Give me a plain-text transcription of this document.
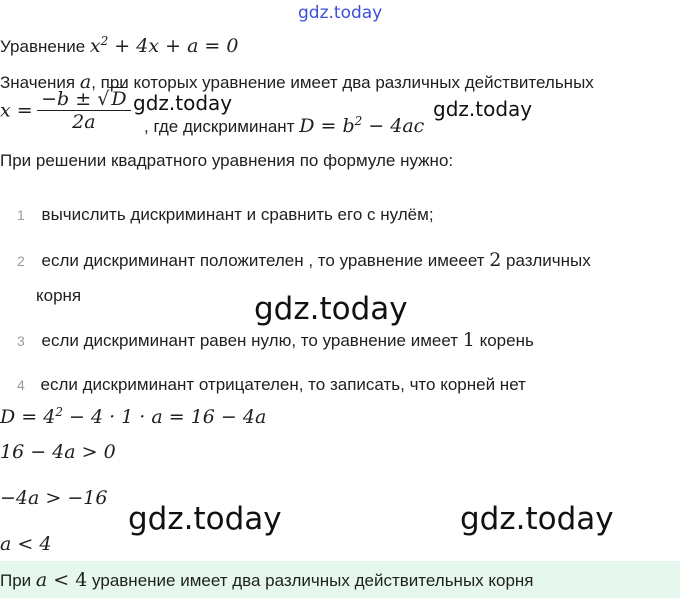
gdz.today
Уравнение $x^2 + 4x + a = 0$
Значения a, при которых уравнение имеет два различных действительных
$x = \frac{-b \pm √ D}{2a}$ gdz.today
, где дискриминант $D = b^2 - 4ac$
gdz.today
При решении квадратного уравнения по формуле нужно:
1 вычислить дискриминант и сравнить его с нулём;
2 если дискриминант положителен , то уравнение имееет 2 различных
корня	gdz.today
3 если дискриминант равен нулю, то уравнение имеет 1 корень
4 если дискриминант отрицателен, то записать, что корней нет
$D = 4^2 - 4 \cdot 1 \cdot a = 16 - 4a$
16 − 4a > 0
−4a > −16
gdz.today	gdz.today
a < 4
При a < 4 уравнение имеет два различных действительных корня
